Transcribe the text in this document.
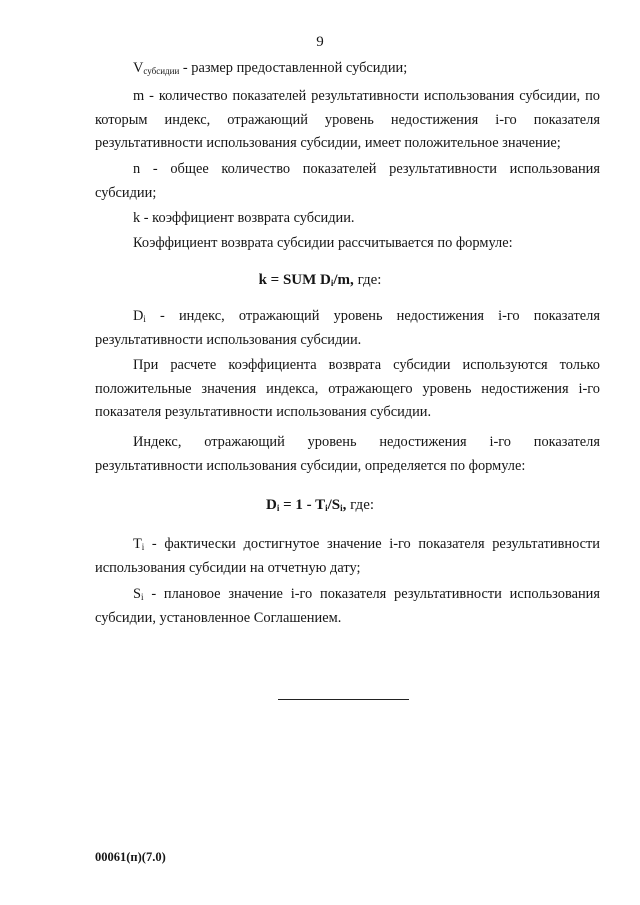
9

$V_{субсидии}$ - размер предоставленной субсидии;

m - количество показателей результативности использования субсидии, по которым индекс, отражающий уровень недостижения i-го показателя результативности использования субсидии, имеет положительное значение;

n - общее количество показателей результативности использования субсидии;

k - коэффициент возврата субсидии.

Коэффициент возврата субсидии рассчитывается по формуле:

k = SUM $D_i/m$, где:

$D_i$ - индекс, отражающий уровень недостижения i-го показателя результативности использования субсидии.

При расчете коэффициента возврата субсидии используются только положительные значения индекса, отражающего уровень недостижения i-го показателя результативности использования субсидии.

Индекс, отражающий уровень недостижения i-го показателя результативности использования субсидии, определяется по формуле:

$D_i = 1 - T_i/S_i$, где:

$T_i$ - фактически достигнутое значение i-го показателя результативности использования субсидии на отчетную дату;

$S_i$ - плановое значение i-го показателя результативности использования субсидии, установленное Соглашением.

00061(п)(7.0)
